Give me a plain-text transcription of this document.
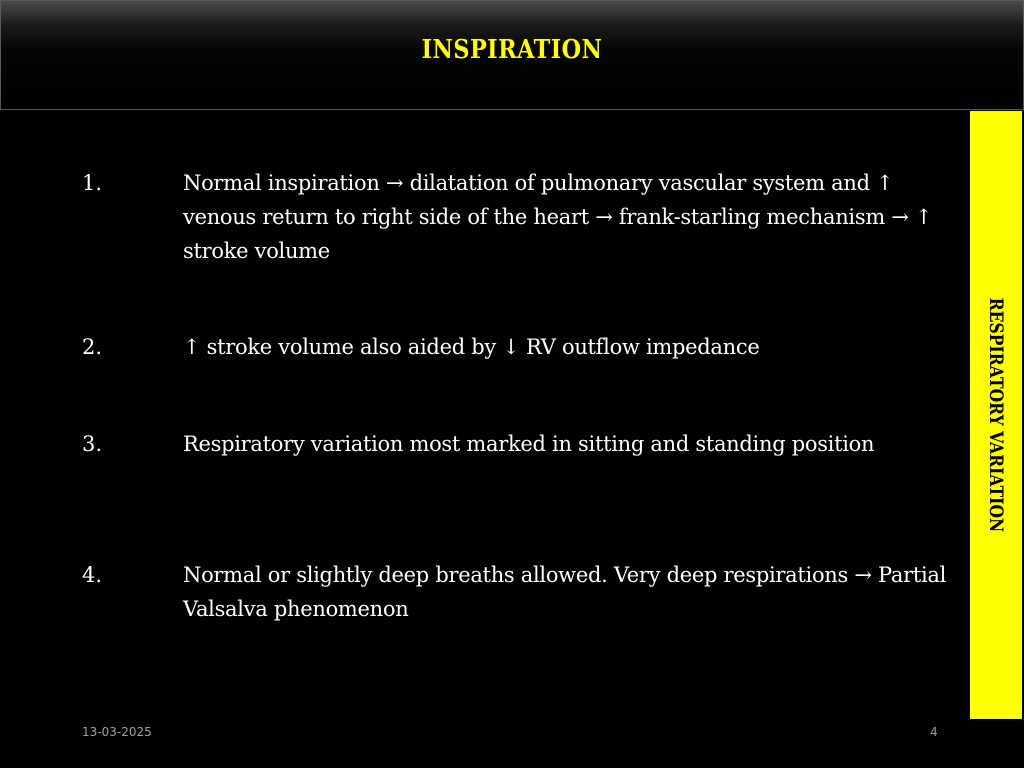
INSPIRATION
RESPIRATORY VARIATION
1.	Normal inspiration → dilatation of pulmonary vascular system and ↑ venous return to right side of the heart → frank-starling mechanism → ↑ stroke volume
2.	↑ stroke volume also aided by ↓ RV outflow impedance
3.	Respiratory variation most marked in sitting and standing position
4.	Normal or slightly deep breaths allowed. Very deep respirations → Partial Valsalva phenomenon
13-03-2025	4
